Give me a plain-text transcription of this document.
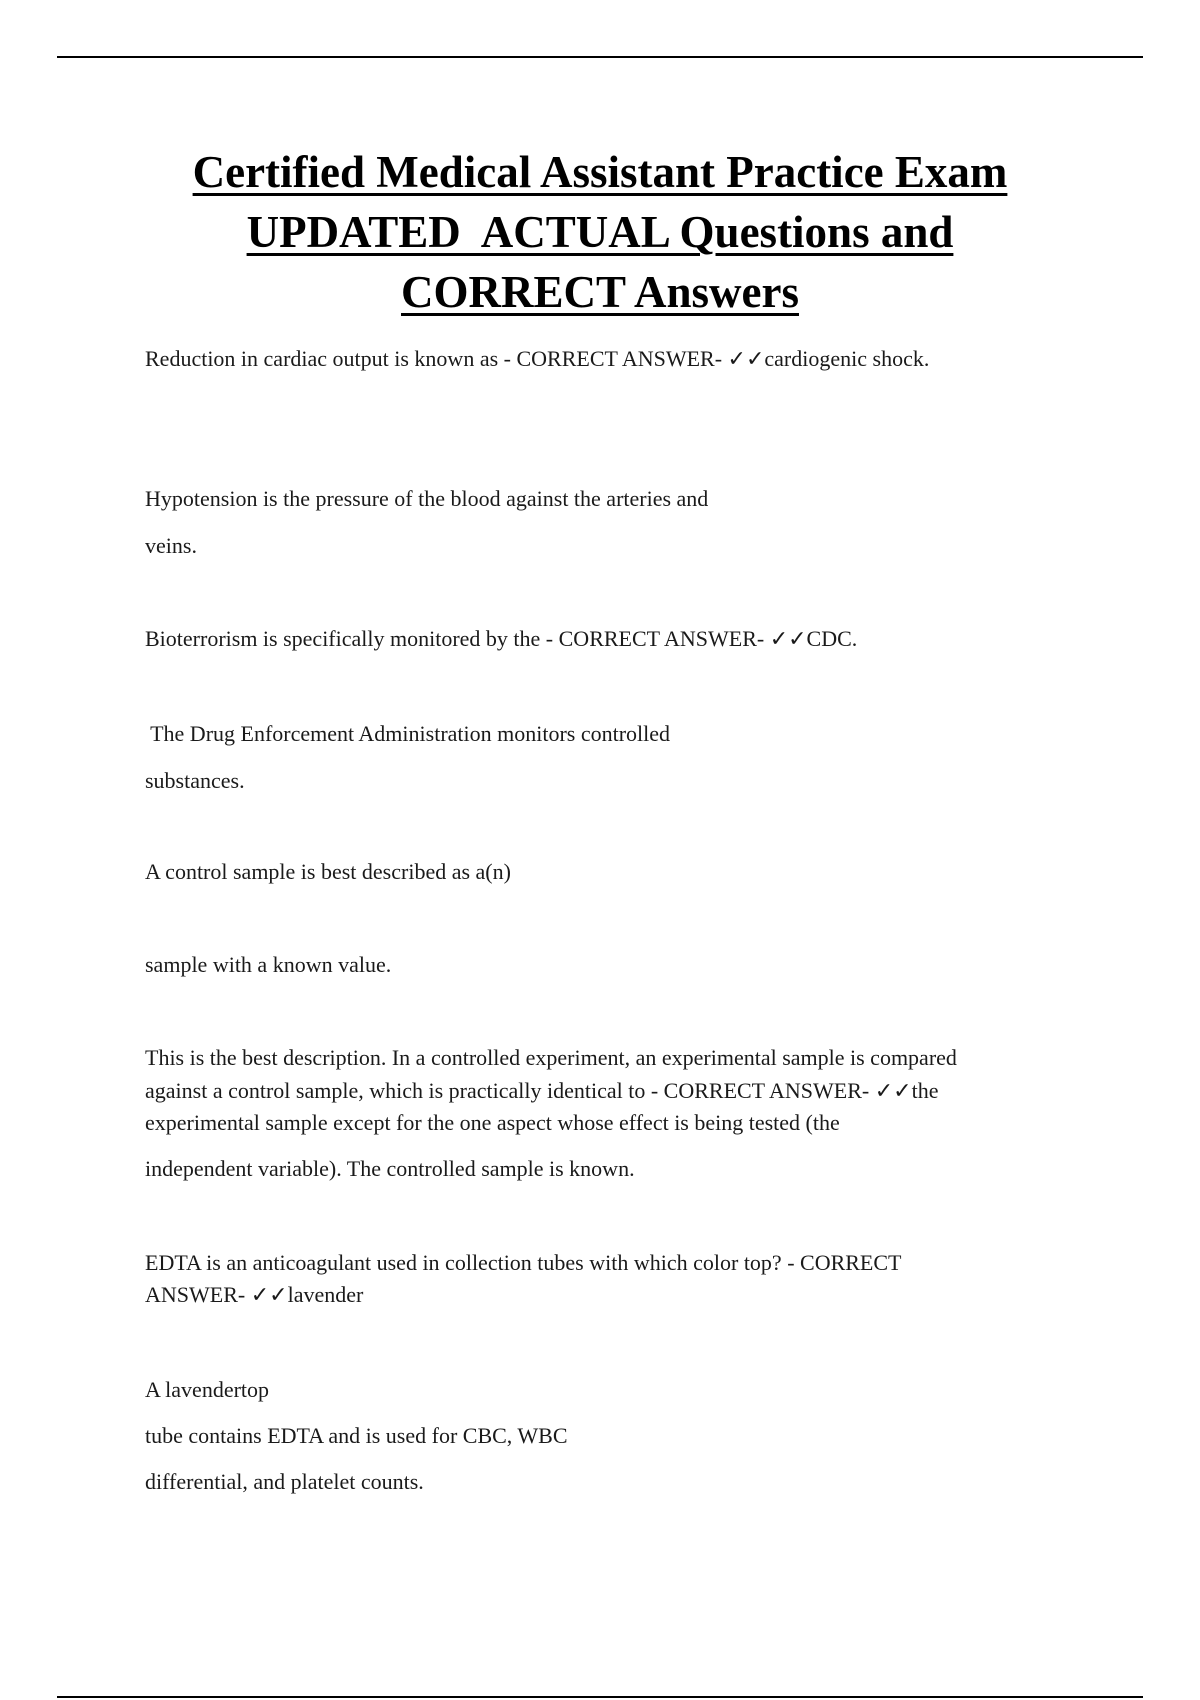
Certified Medical Assistant Practice Exam
UPDATED  ACTUAL Questions and
CORRECT Answers

Reduction in cardiac output is known as - CORRECT ANSWER- ✓✓cardiogenic shock.

Hypotension is the pressure of the blood against the arteries and

veins.

Bioterrorism is specifically monitored by the - CORRECT ANSWER- ✓✓CDC.

The Drug Enforcement Administration monitors controlled

substances.

A control sample is best described as a(n)

sample with a known value.

This is the best description. In a controlled experiment, an experimental sample is compared

against a control sample, which is practically identical to - CORRECT ANSWER- ✓✓the

experimental sample except for the one aspect whose effect is being tested (the

independent variable). The controlled sample is known.

EDTA is an anticoagulant used in collection tubes with which color top? - CORRECT

ANSWER- ✓✓lavender

A lavendertop

tube contains EDTA and is used for CBC, WBC

differential, and platelet counts.
